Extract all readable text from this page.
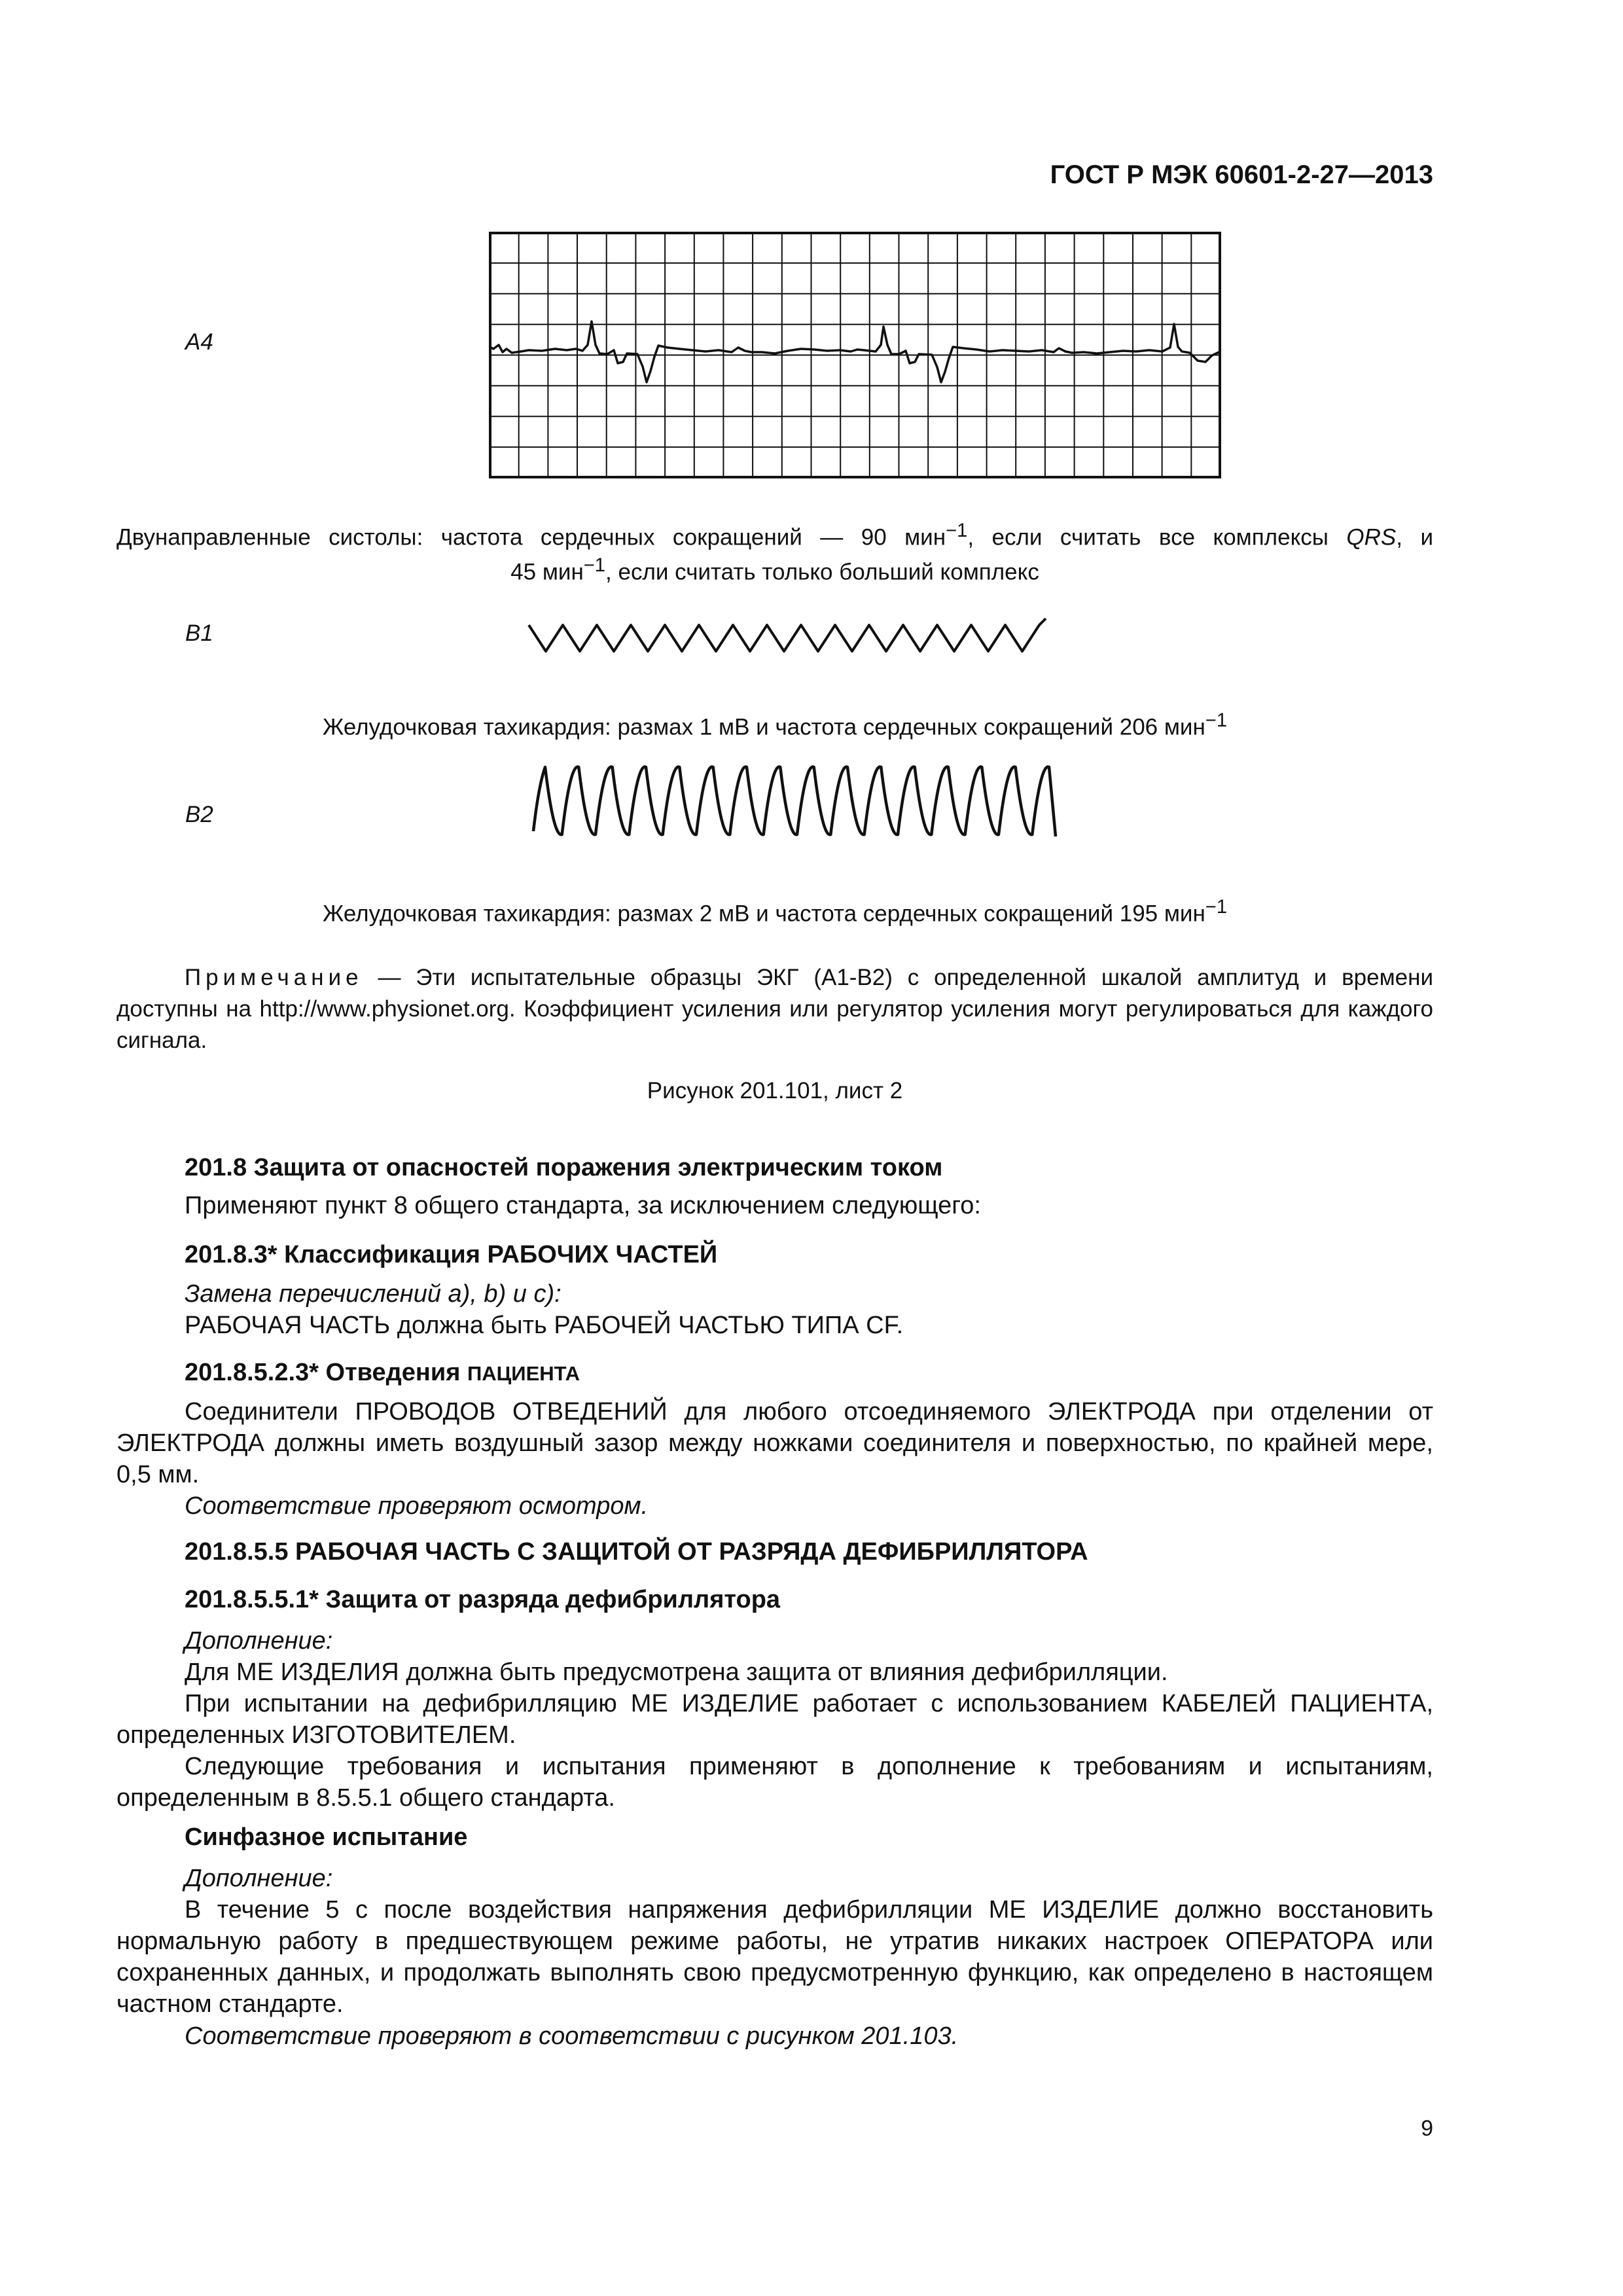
ГОСТ Р МЭК 60601-2-27—2013
A4
Двунаправленные систолы: частота сердечных сокращений — 90 мин$^{-1}$, если считать все комплексы QRS, и
45 мин$^{-1}$, если считать только больший комплекс
B1
Желудочковая тахикардия: размах 1 мВ и частота сердечных сокращений 206 мин$^{-1}$
B2
Желудочковая тахикардия: размах 2 мВ и частота сердечных сокращений 195 мин$^{-1}$
Примечание — Эти испытательные образцы ЭКГ (А1-В2) с определенной шкалой амплитуд и времени доступны на http://www.physionet.org. Коэффициент усиления или регулятор усиления могут регулироваться для каждого сигнала.
Рисунок 201.101, лист 2
201.8 Защита от опасностей поражения электрическим током
Применяют пункт 8 общего стандарта, за исключением следующего:
201.8.3* Классификация РАБОЧИХ ЧАСТЕЙ
Замена перечислений a), b) и c):
РАБОЧАЯ ЧАСТЬ должна быть РАБОЧЕЙ ЧАСТЬЮ ТИПА CF.
201.8.5.2.3* Отведения ПАЦИЕНТА
Соединители ПРОВОДОВ ОТВЕДЕНИЙ для любого отсоединяемого ЭЛЕКТРОДА при отделении от ЭЛЕКТРОДА должны иметь воздушный зазор между ножками соединителя и поверхностью, по крайней мере, 0,5 мм.
Соответствие проверяют осмотром.
201.8.5.5 РАБОЧАЯ ЧАСТЬ С ЗАЩИТОЙ ОТ РАЗРЯДА ДЕФИБРИЛЛЯТОРА
201.8.5.5.1* Защита от разряда дефибриллятора
Дополнение:
Для МЕ ИЗДЕЛИЯ должна быть предусмотрена защита от влияния дефибрилляции.
При испытании на дефибрилляцию МЕ ИЗДЕЛИЕ работает с использованием КАБЕЛЕЙ ПАЦИЕНТА, определенных ИЗГОТОВИТЕЛЕМ.
Следующие требования и испытания применяют в дополнение к требованиям и испытаниям, определенным в 8.5.5.1 общего стандарта.
Синфазное испытание
Дополнение:
В течение 5 с после воздействия напряжения дефибрилляции МЕ ИЗДЕЛИЕ должно восстановить нормальную работу в предшествующем режиме работы, не утратив никаких настроек ОПЕРАТОРА или сохраненных данных, и продолжать выполнять свою предусмотренную функцию, как определено в настоящем частном стандарте.
Соответствие проверяют в соответствии с рисунком 201.103.
9
